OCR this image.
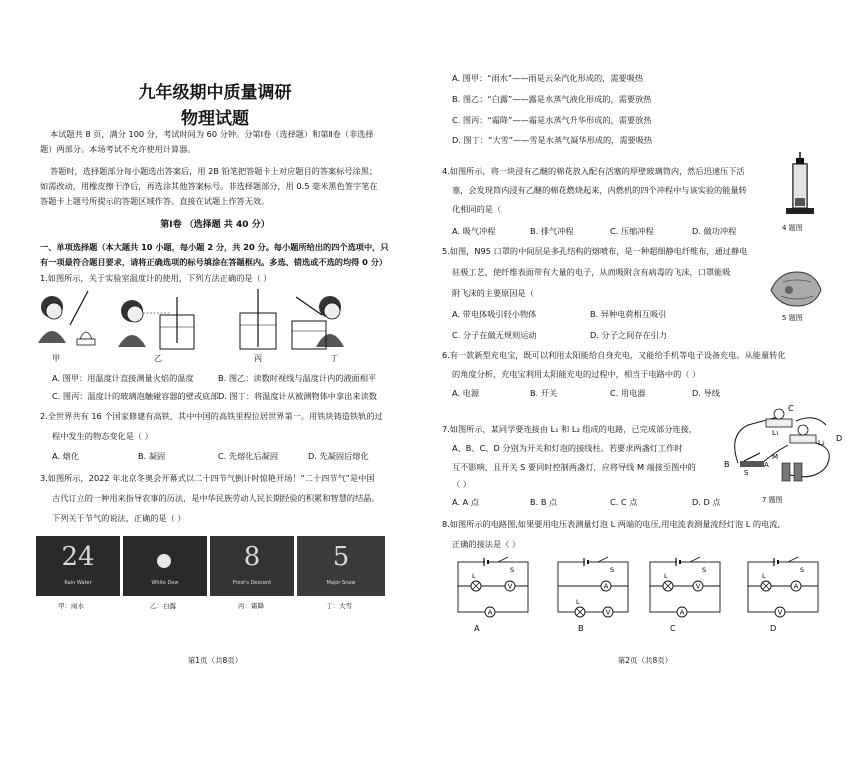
九年级期中质量调研
物理试题
本试题共 8 页，满分 100 分，考试时间为 60 分钟。分第Ⅰ卷（选择题）和第Ⅱ卷（非选择
题）两部分。本场考试不允许使用计算器。
答题时，选择题部分每小题选出答案后，用 2B 铅笔把答题卡上对应题目的答案标号涂黑；
如需改动，用橡皮擦干净后，再选涂其他答案标号。非选择题部分，用 0.5 毫米黑色签字笔在
答题卡上题号所提示的答题区域作答。直接在试题上作答无效。
第Ⅰ卷 （选择题 共 40 分）
一、单项选择题（本大题共 10 小题，每小题 2 分，共 20 分。每小题所给出的四个选项中，只
有一项最符合题目要求，请将正确选项的标号填涂在答题框内。多选、错选或不选的均得 0 分）
1.如图所示，关于实验室温度计的使用，下列方法正确的是（ ）
甲	乙	丙	丁
A. 图甲：用温度计直接测量火焰的温度	B. 图乙：读数时视线与温度计内的液面相平
C. 图丙：温度计的玻璃泡触碰容器的壁或底部 D. 图丁：将温度计从被测物体中拿出来读数
2.全世界共有 16 个国家修建有高铁，其中中国的高铁里程位居世界第一。用铁块铸造铁轨的过
程中发生的物态变化是（ ）
A. 熔化	B. 凝固	C. 先熔化后凝固	D. 先凝固后熔化
3.如图所示，2022 年北京冬奥会开幕式以二十四节气倒计时惊艳开场！“二十四节气”是中国
古代订立的一种用来指导农事的历法，是中华民族劳动人民长期经验的积累和智慧的结晶。
下列关于节气的说法，正确的是（ ）
24
Rain Water	White Dew
8
Frost's Descent
5
Major Snow
甲：雨水	乙：白露	丙：霜降	丁：大雪
第1页（共8页）
A. 图甲：“雨水”——雨是云朵汽化形成的，需要吸热
B. 图乙：“白露”——露是水蒸气液化形成的，需要放热
C. 图丙：“霜降”——霜是水蒸气升华形成的，需要放热
D. 图丁：“大雪”——雪是水蒸气凝华形成的，需要吸热
4.如图所示，将一块浸有乙醚的棉花放入配有活塞的厚壁玻璃筒内，然后迅速压下活
塞，会发现筒内浸有乙醚的棉花燃烧起来，内燃机的四个冲程中与该实验的能量转
化相同的是（
A. 吸气冲程	B. 排气冲程	C. 压缩冲程	D. 做功冲程	4 题图
5.如图，N95 口罩的中间层是多孔结构的熔喷布，是一种超细静电纤维布，通过静电
驻极工艺，使纤维表面带有大量的电子，从而吸附含有病毒的飞沫，口罩能吸
附飞沫的主要原因是（
A. 带电体吸引轻小物体	B. 异种电荷相互吸引
C. 分子在做无规则运动	D. 分子之间存在引力
5 题图
6.有一款新型充电宝，既可以利用太阳能给自身充电，又能给手机等电子设备充电。从能量转化
的角度分析，充电宝利用太阳能充电的过程中，相当于电路中的（ ）
A. 电源	B. 开关	C. 用电器	D. 导线
7.如图所示，某同学要连接由 L₁ 和 L₂ 组成的电路，已完成部分连接，
A、B、C、D 分别为开关和灯泡的接线柱。若要求两盏灯工作时
互不影响，且开关 S 要同时控制两盏灯，应将导线 M 端接至图中的
（ ）
A. A 点	B. B 点	C. C 点	D. D 点
C
D
B	A
M
L₁
L₂
S
7 题图
8.如图所示的电路图,如果要用电压表测量灯泡 L 两端的电压,用电流表测量流经灯泡 L 的电流,
正确的接法是（ ）
S
L
V
A
S
A
L
V
S
L
V
A
S
L
A
V
A	B	C	D
第2页（共8页）
